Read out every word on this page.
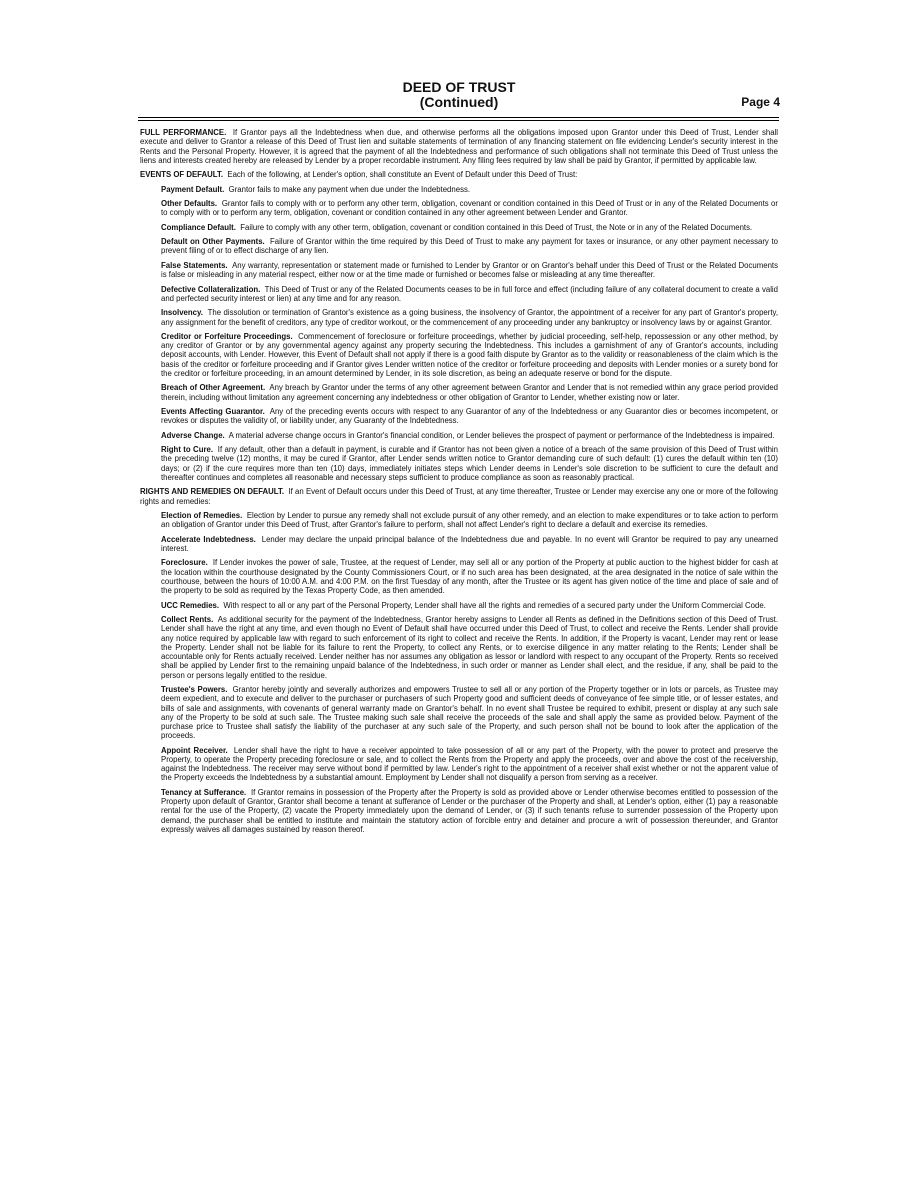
DEED OF TRUST
(Continued)	Page 4

FULL PERFORMANCE. If Grantor pays all the Indebtedness when due, and otherwise performs all the obligations imposed upon Grantor under this Deed of Trust, Lender shall execute and deliver to Grantor a release of this Deed of Trust lien and suitable statements of termination of any financing statement on file evidencing Lender's security interest in the Rents and the Personal Property. However, it is agreed that the payment of all the Indebtedness and performance of such obligations shall not terminate this Deed of Trust unless the liens and interests created hereby are released by Lender by a proper recordable instrument. Any filing fees required by law shall be paid by Grantor, if permitted by applicable law.

EVENTS OF DEFAULT. Each of the following, at Lender's option, shall constitute an Event of Default under this Deed of Trust:

Payment Default. Grantor fails to make any payment when due under the Indebtedness.

Other Defaults. Grantor fails to comply with or to perform any other term, obligation, covenant or condition contained in this Deed of Trust or in any of the Related Documents or to comply with or to perform any term, obligation, covenant or condition contained in any other agreement between Lender and Grantor.

Compliance Default. Failure to comply with any other term, obligation, covenant or condition contained in this Deed of Trust, the Note or in any of the Related Documents.

Default on Other Payments. Failure of Grantor within the time required by this Deed of Trust to make any payment for taxes or insurance, or any other payment necessary to prevent filing of or to effect discharge of any lien.

False Statements. Any warranty, representation or statement made or furnished to Lender by Grantor or on Grantor's behalf under this Deed of Trust or the Related Documents is false or misleading in any material respect, either now or at the time made or furnished or becomes false or misleading at any time thereafter.

Defective Collateralization. This Deed of Trust or any of the Related Documents ceases to be in full force and effect (including failure of any collateral document to create a valid and perfected security interest or lien) at any time and for any reason.

Insolvency. The dissolution or termination of Grantor's existence as a going business, the insolvency of Grantor, the appointment of a receiver for any part of Grantor's property, any assignment for the benefit of creditors, any type of creditor workout, or the commencement of any proceeding under any bankruptcy or insolvency laws by or against Grantor.

Creditor or Forfeiture Proceedings. Commencement of foreclosure or forfeiture proceedings, whether by judicial proceeding, self-help, repossession or any other method, by any creditor of Grantor or by any governmental agency against any property securing the Indebtedness. This includes a garnishment of any of Grantor's accounts, including deposit accounts, with Lender. However, this Event of Default shall not apply if there is a good faith dispute by Grantor as to the validity or reasonableness of the claim which is the basis of the creditor or forfeiture proceeding and if Grantor gives Lender written notice of the creditor or forfeiture proceeding and deposits with Lender monies or a surety bond for the creditor or forfeiture proceeding, in an amount determined by Lender, in its sole discretion, as being an adequate reserve or bond for the dispute.

Breach of Other Agreement. Any breach by Grantor under the terms of any other agreement between Grantor and Lender that is not remedied within any grace period provided therein, including without limitation any agreement concerning any indebtedness or other obligation of Grantor to Lender, whether existing now or later.

Events Affecting Guarantor. Any of the preceding events occurs with respect to any Guarantor of any of the Indebtedness or any Guarantor dies or becomes incompetent, or revokes or disputes the validity of, or liability under, any Guaranty of the Indebtedness.

Adverse Change. A material adverse change occurs in Grantor's financial condition, or Lender believes the prospect of payment or performance of the Indebtedness is impaired.

Right to Cure. If any default, other than a default in payment, is curable and if Grantor has not been given a notice of a breach of the same provision of this Deed of Trust within the preceding twelve (12) months, it may be cured if Grantor, after Lender sends written notice to Grantor demanding cure of such default: (1) cures the default within ten (10) days; or (2) if the cure requires more than ten (10) days, immediately initiates steps which Lender deems in Lender's sole discretion to be sufficient to cure the default and thereafter continues and completes all reasonable and necessary steps sufficient to produce compliance as soon as reasonably practical.

RIGHTS AND REMEDIES ON DEFAULT. If an Event of Default occurs under this Deed of Trust, at any time thereafter, Trustee or Lender may exercise any one or more of the following rights and remedies:

Election of Remedies. Election by Lender to pursue any remedy shall not exclude pursuit of any other remedy, and an election to make expenditures or to take action to perform an obligation of Grantor under this Deed of Trust, after Grantor's failure to perform, shall not affect Lender's right to declare a default and exercise its remedies.

Accelerate Indebtedness. Lender may declare the unpaid principal balance of the Indebtedness due and payable. In no event will Grantor be required to pay any unearned interest.

Foreclosure. If Lender invokes the power of sale, Trustee, at the request of Lender, may sell all or any portion of the Property at public auction to the highest bidder for cash at the location within the courthouse designated by the County Commissioners Court, or if no such area has been designated, at the area designated in the notice of sale within the courthouse, between the hours of 10:00 A.M. and 4:00 P.M. on the first Tuesday of any month, after the Trustee or its agent has given notice of the time and place of sale and of the property to be sold as required by the Texas Property Code, as then amended.

UCC Remedies. With respect to all or any part of the Personal Property, Lender shall have all the rights and remedies of a secured party under the Uniform Commercial Code.

Collect Rents. As additional security for the payment of the Indebtedness, Grantor hereby assigns to Lender all Rents as defined in the Definitions section of this Deed of Trust. Lender shall have the right at any time, and even though no Event of Default shall have occurred under this Deed of Trust, to collect and receive the Rents. Lender shall provide any notice required by applicable law with regard to such enforcement of its right to collect and receive the Rents. In addition, if the Property is vacant, Lender may rent or lease the Property. Lender shall not be liable for its failure to rent the Property, to collect any Rents, or to exercise diligence in any matter relating to the Rents; Lender shall be accountable only for Rents actually received. Lender neither has nor assumes any obligation as lessor or landlord with respect to any occupant of the Property. Rents so received shall be applied by Lender first to the remaining unpaid balance of the Indebtedness, in such order or manner as Lender shall elect, and the residue, if any, shall be paid to the person or persons legally entitled to the residue.

Trustee's Powers. Grantor hereby jointly and severally authorizes and empowers Trustee to sell all or any portion of the Property together or in lots or parcels, as Trustee may deem expedient, and to execute and deliver to the purchaser or purchasers of such Property good and sufficient deeds of conveyance of fee simple title, or of lesser estates, and bills of sale and assignments, with covenants of general warranty made on Grantor's behalf. In no event shall Trustee be required to exhibit, present or display at any such sale any of the Property to be sold at such sale. The Trustee making such sale shall receive the proceeds of the sale and shall apply the same as provided below. Payment of the purchase price to Trustee shall satisfy the liability of the purchaser at any such sale of the Property, and such person shall not be bound to look after the application of the proceeds.

Appoint Receiver. Lender shall have the right to have a receiver appointed to take possession of all or any part of the Property, with the power to protect and preserve the Property, to operate the Property preceding foreclosure or sale, and to collect the Rents from the Property and apply the proceeds, over and above the cost of the receivership, against the Indebtedness. The receiver may serve without bond if permitted by law. Lender's right to the appointment of a receiver shall exist whether or not the apparent value of the Property exceeds the Indebtedness by a substantial amount. Employment by Lender shall not disqualify a person from serving as a receiver.

Tenancy at Sufferance. If Grantor remains in possession of the Property after the Property is sold as provided above or Lender otherwise becomes entitled to possession of the Property upon default of Grantor, Grantor shall become a tenant at sufferance of Lender or the purchaser of the Property and shall, at Lender's option, either (1) pay a reasonable rental for the use of the Property, (2) vacate the Property immediately upon the demand of Lender, or (3) if such tenants refuse to surrender possession of the Property upon demand, the purchaser shall be entitled to institute and maintain the statutory action of forcible entry and detainer and procure a writ of possession thereunder, and Grantor expressly waives all damages sustained by reason thereof.
